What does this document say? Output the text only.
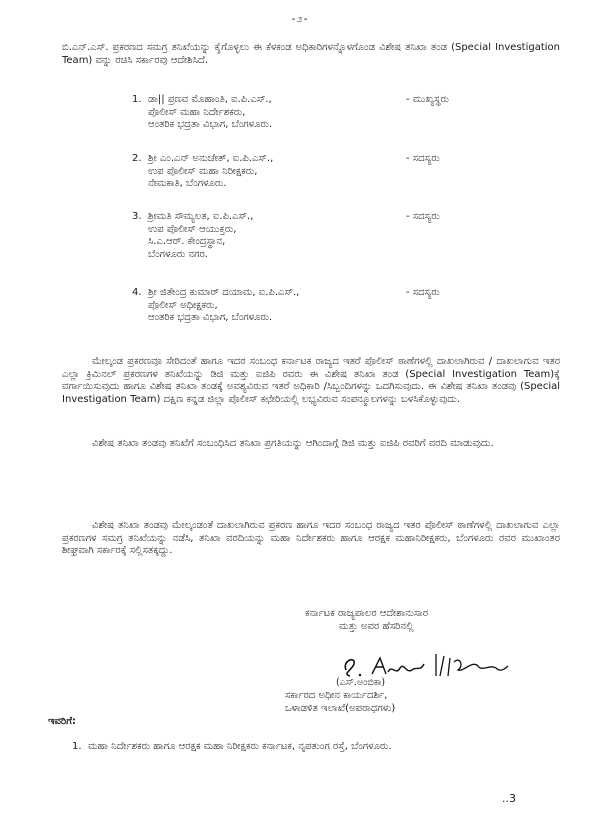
-೨-
ಬಿ.ಎನ್.ಎಸ್. ಪ್ರಕರಣದ ಸಮಗ್ರ ತನಿಖೆಯನ್ನು ಕೈಗೊಳ್ಳಲು ಈ ಕೆಳಕಂಡ ಅಧಿಕಾರಿಗಳನ್ನೊಳಗೊಂಡ ವಿಶೇಷ ತನಿಖಾ ತಂಡ (Special Investigation Team) ವನ್ನು ರಚಿಸಿ ಸರ್ಕಾರವು ಆದೇಶಿಸಿದೆ.
1. ಡಾ|| ಪ್ರಣವ ಮೊಹಾಂತಿ, ಐ.ಪಿ.ಎಸ್.,
ಪೊಲೀಸ್ ಮಹಾ ನಿರ್ದೇಶಕರು,
ಆಂತರಿಕ ಭದ್ರತಾ ವಿಭಾಗ, ಬೆಂಗಳೂರು.
- ಮುಖ್ಯಸ್ಥರು
2. ಶ್ರೀ ಎಂ.ಎನ್ ಅನುಚೇತ್, ಐ.ಪಿ.ಎಸ್.,
ಉಪ ಪೊಲೀಸ್ ಮಹಾ ನಿರೀಕ್ಷಕರು,
ನೇಮಕಾತಿ, ಬೆಂಗಳೂರು.
- ಸದಸ್ಯರು
3. ಶ್ರೀಮತಿ ಸೌಮ್ಯಲತ, ಐ.ಪಿ.ಎಸ್.,
ಉಪ ಪೊಲೀಸ್ ಆಯುಕ್ತರು,
ಸಿ.ಎ.ಆರ್. ಕೇಂದ್ರಸ್ಥಾನ,
ಬೆಂಗಳೂರು ನಗರ.
- ಸದಸ್ಯರು
4. ಶ್ರೀ ಜಿತೇಂದ್ರ ಕುಮಾರ್ ದಯಾಮ, ಐ.ಪಿ.ಎಸ್.,
ಪೊಲೀಸ್ ಅಧೀಕ್ಷಕರು,
ಆಂತರಿಕ ಭದ್ರತಾ ವಿಭಾಗ, ಬೆಂಗಳೂರು.
- ಸದಸ್ಯರು
ಮೇಲ್ಕಂಡ ಪ್ರಕರಣವೂ ಸೇರಿದಂತೆ ಹಾಗೂ ಇದರ ಸಂಬಂಧ ಕರ್ನಾಟಕ ರಾಜ್ಯದ ಇತರೆ ಪೊಲೀಸ್ ಠಾಣೆಗಳಲ್ಲಿ ದಾಖಲಾಗಿರುವ / ದಾಖಲಾಗುವ ಇತರ ಎಲ್ಲಾ ಕ್ರಿಮಿನಲ್ ಪ್ರಕರಣಗಳ ತನಿಖೆಯನ್ನು ಡಿಜಿ ಮತ್ತು ಐಜಿಪಿ ರವರು ಈ ವಿಶೇಷ ತನಿಖಾ ತಂಡ (Special Investigation Team)ಕ್ಕೆ ವರ್ಗಾಯಿಸುವುದು ಹಾಗೂ ವಿಶೇಷ ತನಿಖಾ ತಂಡಕ್ಕೆ ಅವಶ್ಯವಿರುವ ಇತರೆ ಅಧಿಕಾರಿ /ಸಿಬ್ಬಂದಿಗಳನ್ನು ಒದಗಿಸುವುದು. ಈ ವಿಶೇಷ ತನಿಖಾ ತಂಡವು (Special Investigation Team) ದಕ್ಷಿಣ ಕನ್ನಡ ಜಿಲ್ಲಾ ಪೊಲೀಸ್ ಕಛೇರಿಯಲ್ಲಿ ಲಭ್ಯವಿರುವ ಸಂಪನ್ಮೂಲಗಳನ್ನು ಬಳಸಿಕೊಳ್ಳುವುದು.
ವಿಶೇಷ ತನಿಖಾ ತಂಡವು ತನಿಖೆಗೆ ಸಂಬಂಧಿಸಿದ ತನಿಖಾ ಪ್ರಗತಿಯನ್ನು ಆಗಿಂದಾಗ್ಗೆ ಡಿಜಿ ಮತ್ತು ಐಜಿಪಿ ರವರಿಗೆ ವರದಿ ಮಾಡುವುದು.
ವಿಶೇಷ ತನಿಖಾ ತಂಡವು ಮೇಲ್ಕಂಡಂತೆ ದಾಖಲಾಗಿರುವ ಪ್ರಕರಣ ಹಾಗೂ ಇದರ ಸಂಬಂಧ ರಾಜ್ಯದ ಇತರ ಪೊಲೀಸ್ ಠಾಣೆಗಳಲ್ಲಿ ದಾಖಲಾಗುವ ಎಲ್ಲಾ ಪ್ರಕರಣಗಳ ಸಮಗ್ರ ತನಿಖೆಯನ್ನು ನಡೆಸಿ, ತನಿಖಾ ವರದಿಯನ್ನು ಮಹಾ ನಿರ್ದೇಶಕರು ಹಾಗೂ ಆರಕ್ಷಕ ಮಹಾನಿರೀಕ್ಷಕರು, ಬೆಂಗಳೂರು ರವರ ಮುಖಾಂತರ ಶೀಘ್ರವಾಗಿ ಸರ್ಕಾರಕ್ಕೆ ಸಲ್ಲಿಸತಕ್ಕದ್ದು.
ಕರ್ನಾಟಕ ರಾಜ್ಯಪಾಲರ ಆದೇಶಾನುಸಾರ
ಮತ್ತು ಅವರ ಹೆಸರಿನಲ್ಲಿ
(ಎಸ್.ಅಂಬಿಕಾ)
ಸರ್ಕಾರದ ಅಧೀನ ಕಾರ್ಯದರ್ಶಿ,
ಒಳಾಡಳಿತ ಇಲಾಖೆ(ಅಪರಾಧಗಳು)
ಇವರಿಗೆ:
1. ಮಹಾ ನಿರ್ದೇಶಕರು ಹಾಗೂ ಆರಕ್ಷಕ ಮಹಾ ನಿರೀಕ್ಷಕರು ಕರ್ನಾಟಕ, ನೃಪತುಂಗ ರಸ್ತೆ, ಬೆಂಗಳೂರು.
..3
